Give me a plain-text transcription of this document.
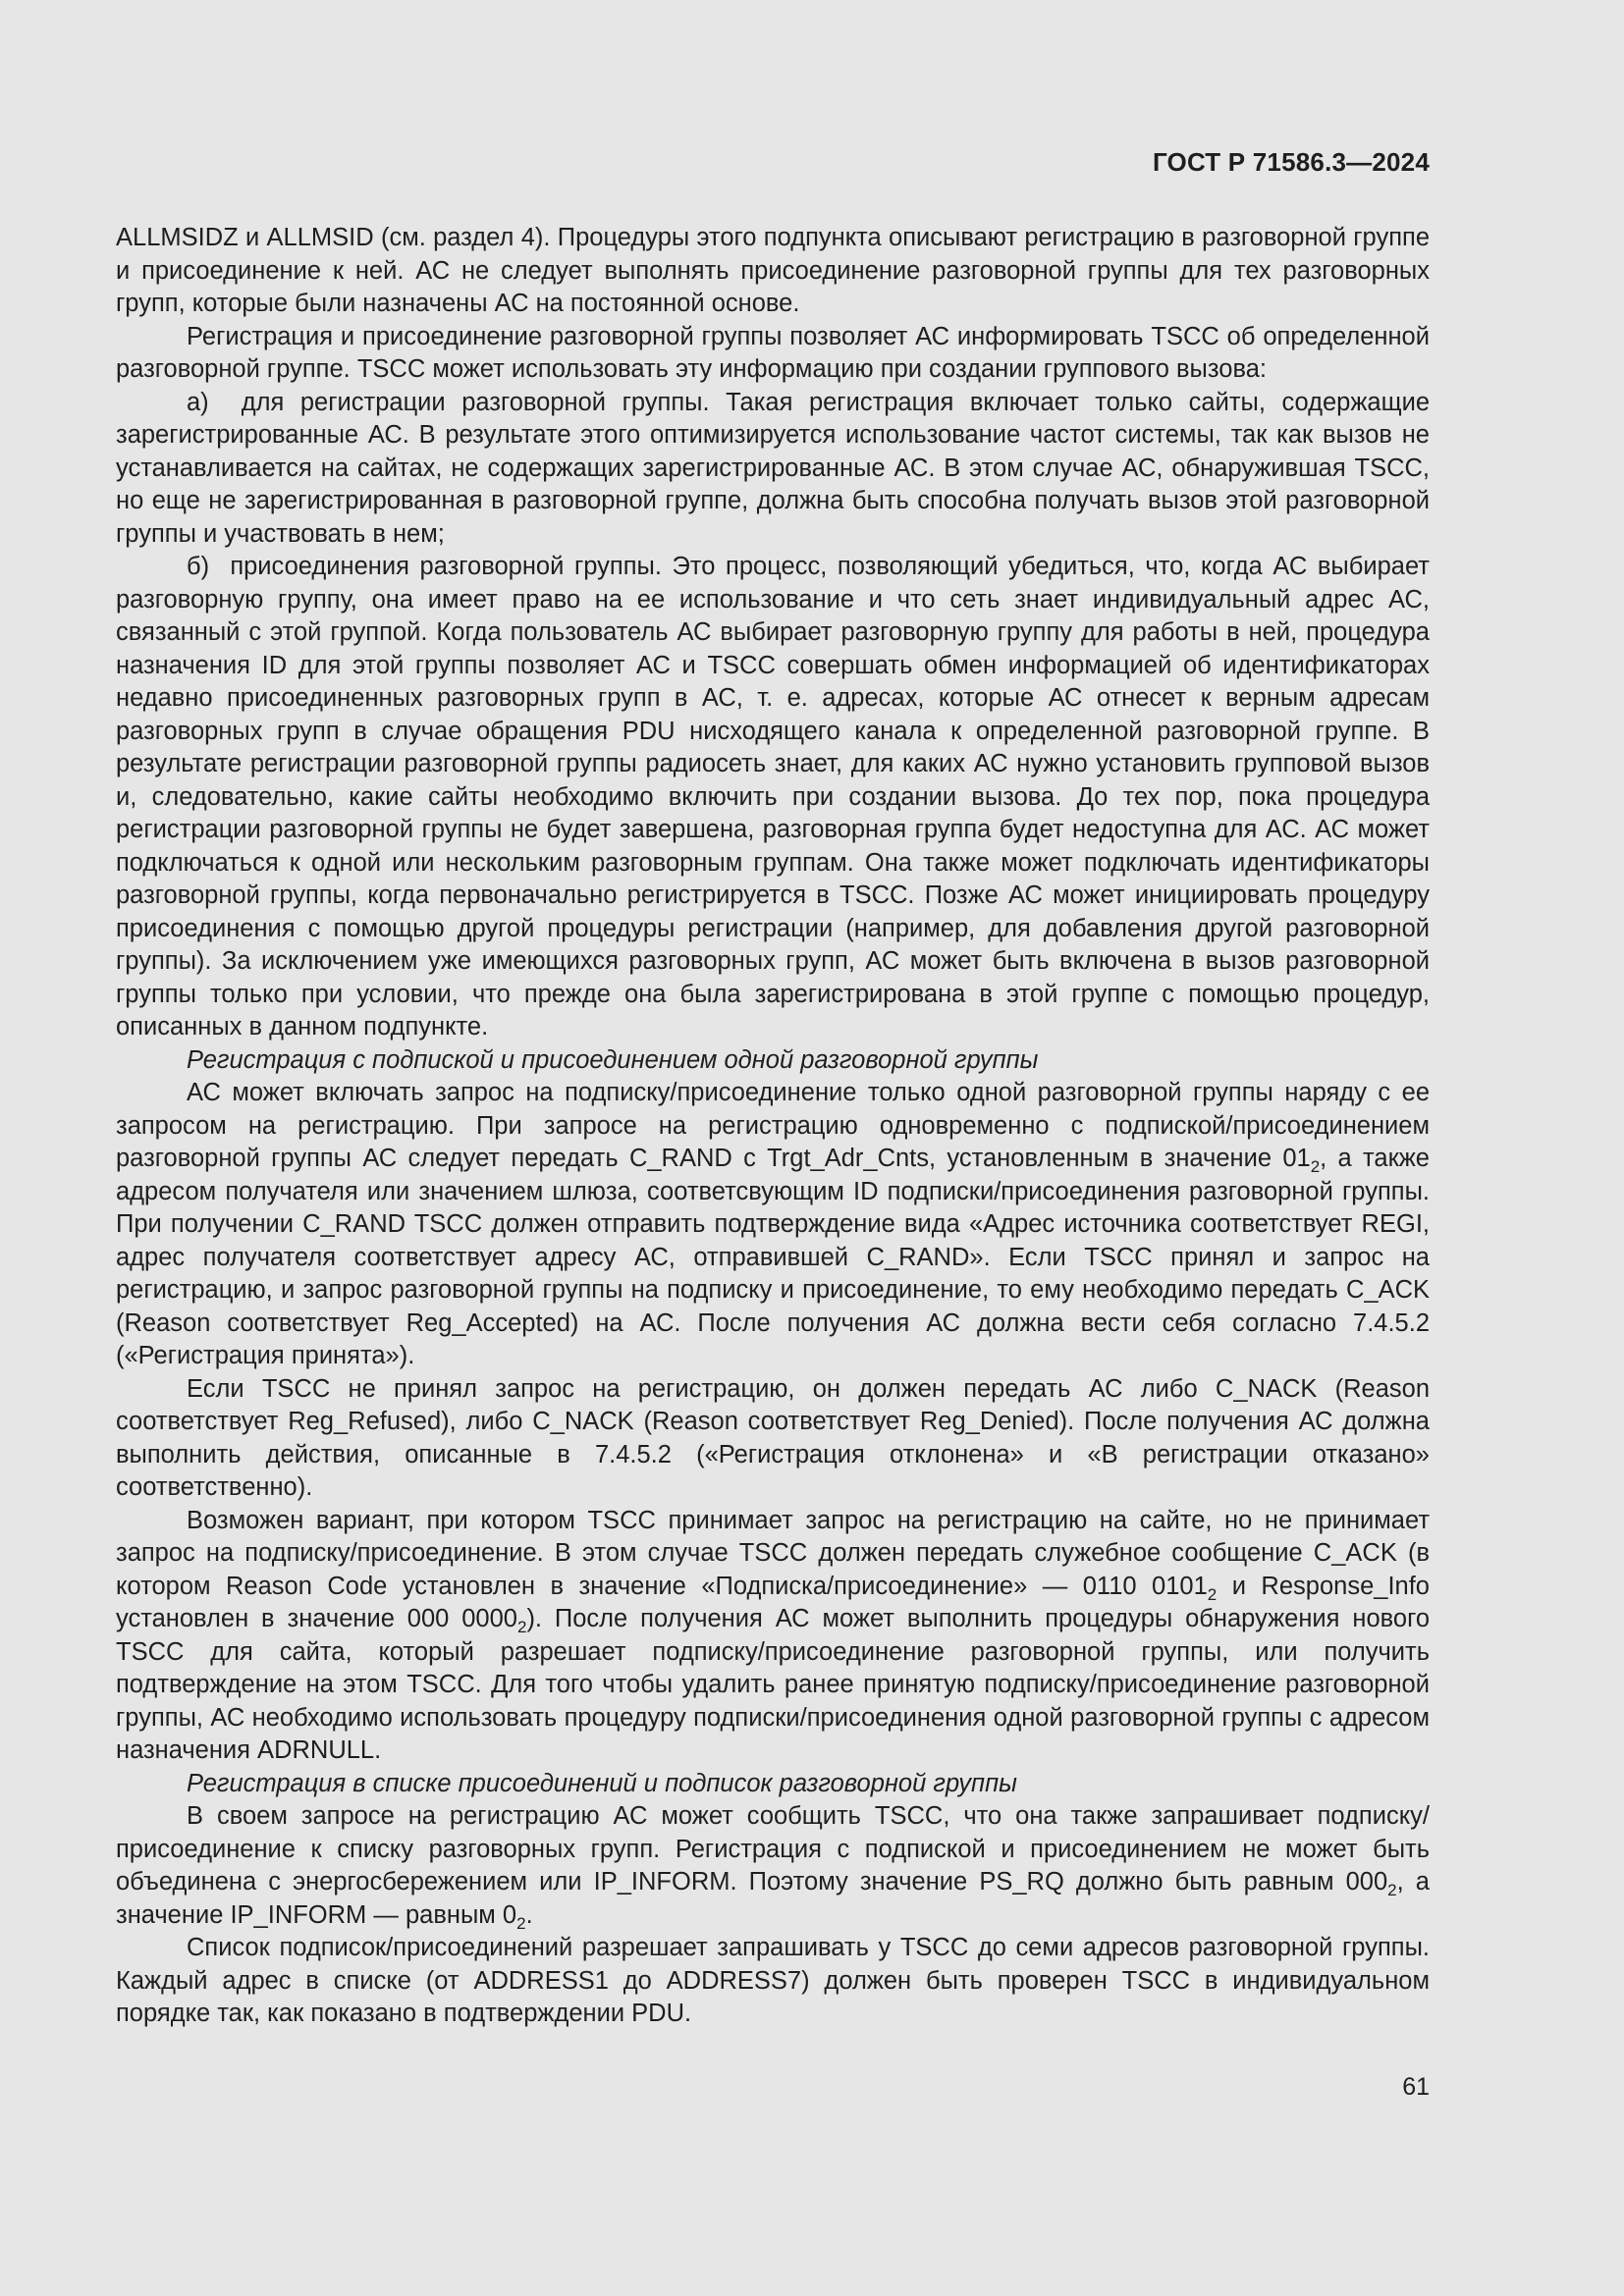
ГОСТ Р 71586.3—2024

ALLMSIDZ и ALLMSID (см. раздел 4). Процедуры этого подпункта описывают регистрацию в разговорной группе и присоединение к ней. АС не следует выполнять присоединение разговорной группы для тех разговорных групп, которые были назначены АС на постоянной основе.

Регистрация и присоединение разговорной группы позволяет АС информировать TSCC об определенной разговорной группе. TSCC может использовать эту информацию при создании группового вызова:

а)  для регистрации разговорной группы. Такая регистрация включает только сайты, содержащие зарегистрированные АС. В результате этого оптимизируется использование частот системы, так как вызов не устанавливается на сайтах, не содержащих зарегистрированные АС. В этом случае АС, обнаружившая TSCC, но еще не зарегистрированная в разговорной группе, должна быть способна получать вызов этой разговорной группы и участвовать в нем;

б)  присоединения разговорной группы. Это процесс, позволяющий убедиться, что, когда АС выбирает разговорную группу, она имеет право на ее использование и что сеть знает индивидуальный адрес АС, связанный с этой группой. Когда пользователь АС выбирает разговорную группу для работы в ней, процедура назначения ID для этой группы позволяет АС и TSCC совершать обмен информацией об идентификаторах недавно присоединенных разговорных групп в АС, т. е. адресах, которые АС отнесет к верным адресам разговорных групп в случае обращения PDU нисходящего канала к определенной разговорной группе. В результате регистрации разговорной группы радиосеть знает, для каких АС нужно установить групповой вызов и, следовательно, какие сайты необходимо включить при создании вызова. До тех пор, пока процедура регистрации разговорной группы не будет завершена, разговорная группа будет недоступна для АС. АС может подключаться к одной или нескольким разговорным группам. Она также может подключать идентификаторы разговорной группы, когда первоначально регистрируется в TSCC. Позже АС может инициировать процедуру присоединения с помощью другой процедуры регистрации (например, для добавления другой разговорной группы). За исключением уже имеющихся разговорных групп, АС может быть включена в вызов разговорной группы только при условии, что прежде она была зарегистрирована в этой группе с помощью процедур, описанных в данном подпункте.

Регистрация с подпиской и присоединением одной разговорной группы

АС может включать запрос на подписку/присоединение только одной разговорной группы наряду с ее запросом на регистрацию. При запросе на регистрацию одновременно с подпиской/присоединением разговорной группы АС следует передать C_RAND с Trgt_Adr_Cnts, установленным в значение $01_2$, а также адресом получателя или значением шлюза, соответсвующим ID подписки/присоединения разговорной группы. При получении C_RAND TSCC должен отправить подтверждение вида «Адрес источника соответствует REGI, адрес получателя соответствует адресу АС, отправившей C_RAND». Если TSCC принял и запрос на регистрацию, и запрос разговорной группы на подписку и присоединение, то ему необходимо передать C_ACK (Reason соответствует Reg_Accepted) на АС. После получения АС должна вести себя согласно 7.4.5.2 («Регистрация принята»).

Если TSCC не принял запрос на регистрацию, он должен передать АС либо C_NACK (Reason соответствует Reg_Refused), либо C_NACK (Reason соответствует Reg_Denied). После получения АС должна выполнить действия, описанные в 7.4.5.2 («Регистрация отклонена» и «В регистрации отказано» соответственно).

Возможен вариант, при котором TSCC принимает запрос на регистрацию на сайте, но не принимает запрос на подписку/присоединение. В этом случае TSCC должен передать служебное сообщение C_ACK (в котором Reason Code установлен в значение «Подписка/присоединение» — 0110 $0101_2$ и Response_Info установлен в значение 000 $0000_2$). После получения АС может выполнить процедуры обнаружения нового TSCC для сайта, который разрешает подписку/присоединение разговорной группы, или получить подтверждение на этом TSCC. Для того чтобы удалить ранее принятую подписку/присоединение разговорной группы, АС необходимо использовать процедуру подписки/присоединения одной разговорной группы с адресом назначения ADRNULL.

Регистрация в списке присоединений и подписок разговорной группы

В своем запросе на регистрацию АС может сообщить TSCC, что она также запрашивает подписку/присоединение к списку разговорных групп. Регистрация с подпиской и присоединением не может быть объединена с энергосбережением или IP_INFORM. Поэтому значение PS_RQ должно быть равным $000_2$, а значение IP_INFORM — равным $0_2$.

Список подписок/присоединений разрешает запрашивать у TSCC до семи адресов разговорной группы. Каждый адрес в списке (от ADDRESS1 до ADDRESS7) должен быть проверен TSCC в индивидуальном порядке так, как показано в подтверждении PDU.

61
